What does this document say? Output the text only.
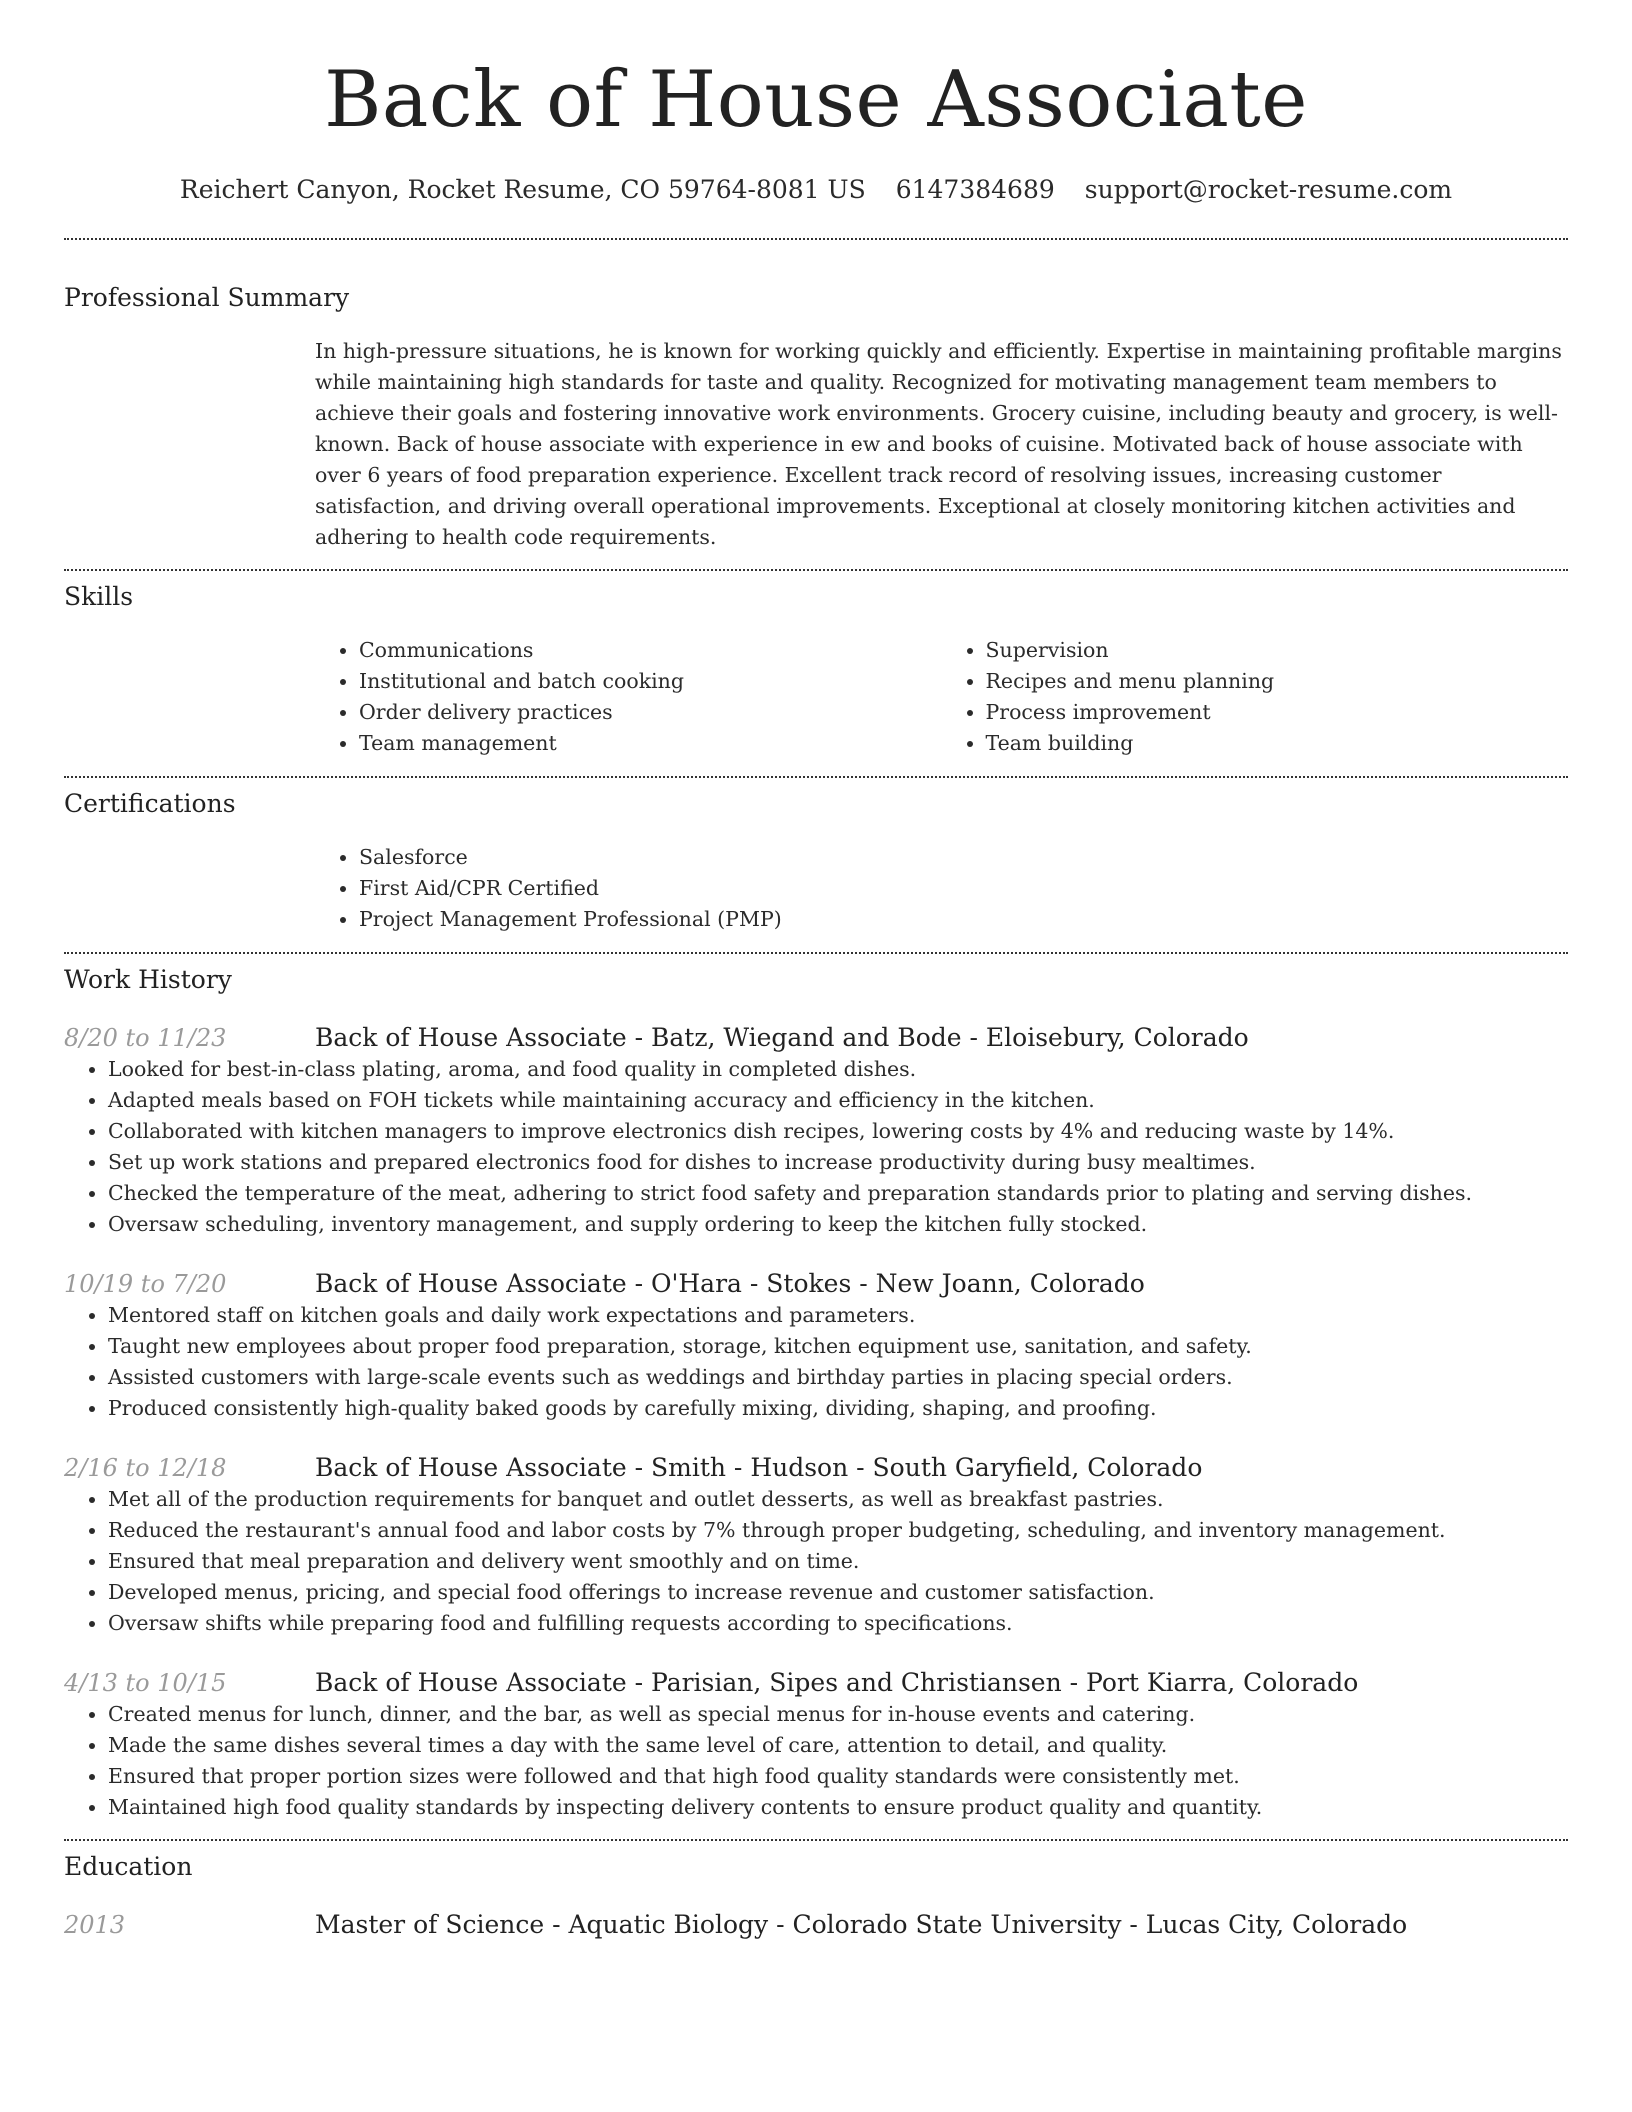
Back of House Associate
Reichert Canyon, Rocket Resume, CO 59764-8081 US 6147384689 support@rocket-resume.com
Professional Summary

In high-pressure situations, he is known for working quickly and efficiently. Expertise in maintaining profitable margins while maintaining high standards for taste and quality. Recognized for motivating management team members to achieve their goals and fostering innovative work environments. Grocery cuisine, including beauty and grocery, is well-known. Back of house associate with experience in ew and books of cuisine. Motivated back of house associate with over 6 years of food preparation experience. Excellent track record of resolving issues, increasing customer satisfaction, and driving overall operational improvements. Exceptional at closely monitoring kitchen activities and adhering to health code requirements.

Skills
• Communications
• Institutional and batch cooking
• Order delivery practices
• Team management
• Supervision
• Recipes and menu planning
• Process improvement
• Team building
Certifications
• Salesforce
• First Aid/CPR Certified
• Project Management Professional (PMP)
Work History
8/20 to 11/23	Back of House Associate - Batz, Wiegand and Bode - Eloisebury, Colorado
• Looked for best-in-class plating, aroma, and food quality in completed dishes.
• Adapted meals based on FOH tickets while maintaining accuracy and efficiency in the kitchen.
• Collaborated with kitchen managers to improve electronics dish recipes, lowering costs by 4% and reducing waste by 14%.
• Set up work stations and prepared electronics food for dishes to increase productivity during busy mealtimes.
• Checked the temperature of the meat, adhering to strict food safety and preparation standards prior to plating and serving dishes.
• Oversaw scheduling, inventory management, and supply ordering to keep the kitchen fully stocked.
10/19 to 7/20	Back of House Associate - O'Hara - Stokes - New Joann, Colorado
• Mentored staff on kitchen goals and daily work expectations and parameters.
• Taught new employees about proper food preparation, storage, kitchen equipment use, sanitation, and safety.
• Assisted customers with large-scale events such as weddings and birthday parties in placing special orders.
• Produced consistently high-quality baked goods by carefully mixing, dividing, shaping, and proofing.
2/16 to 12/18	Back of House Associate - Smith - Hudson - South Garyfield, Colorado
• Met all of the production requirements for banquet and outlet desserts, as well as breakfast pastries.
• Reduced the restaurant's annual food and labor costs by 7% through proper budgeting, scheduling, and inventory management.
• Ensured that meal preparation and delivery went smoothly and on time.
• Developed menus, pricing, and special food offerings to increase revenue and customer satisfaction.
• Oversaw shifts while preparing food and fulfilling requests according to specifications.
4/13 to 10/15	Back of House Associate - Parisian, Sipes and Christiansen - Port Kiarra, Colorado
• Created menus for lunch, dinner, and the bar, as well as special menus for in-house events and catering.
• Made the same dishes several times a day with the same level of care, attention to detail, and quality.
• Ensured that proper portion sizes were followed and that high food quality standards were consistently met.
• Maintained high food quality standards by inspecting delivery contents to ensure product quality and quantity.
Education
2013	Master of Science - Aquatic Biology - Colorado State University - Lucas City, Colorado
